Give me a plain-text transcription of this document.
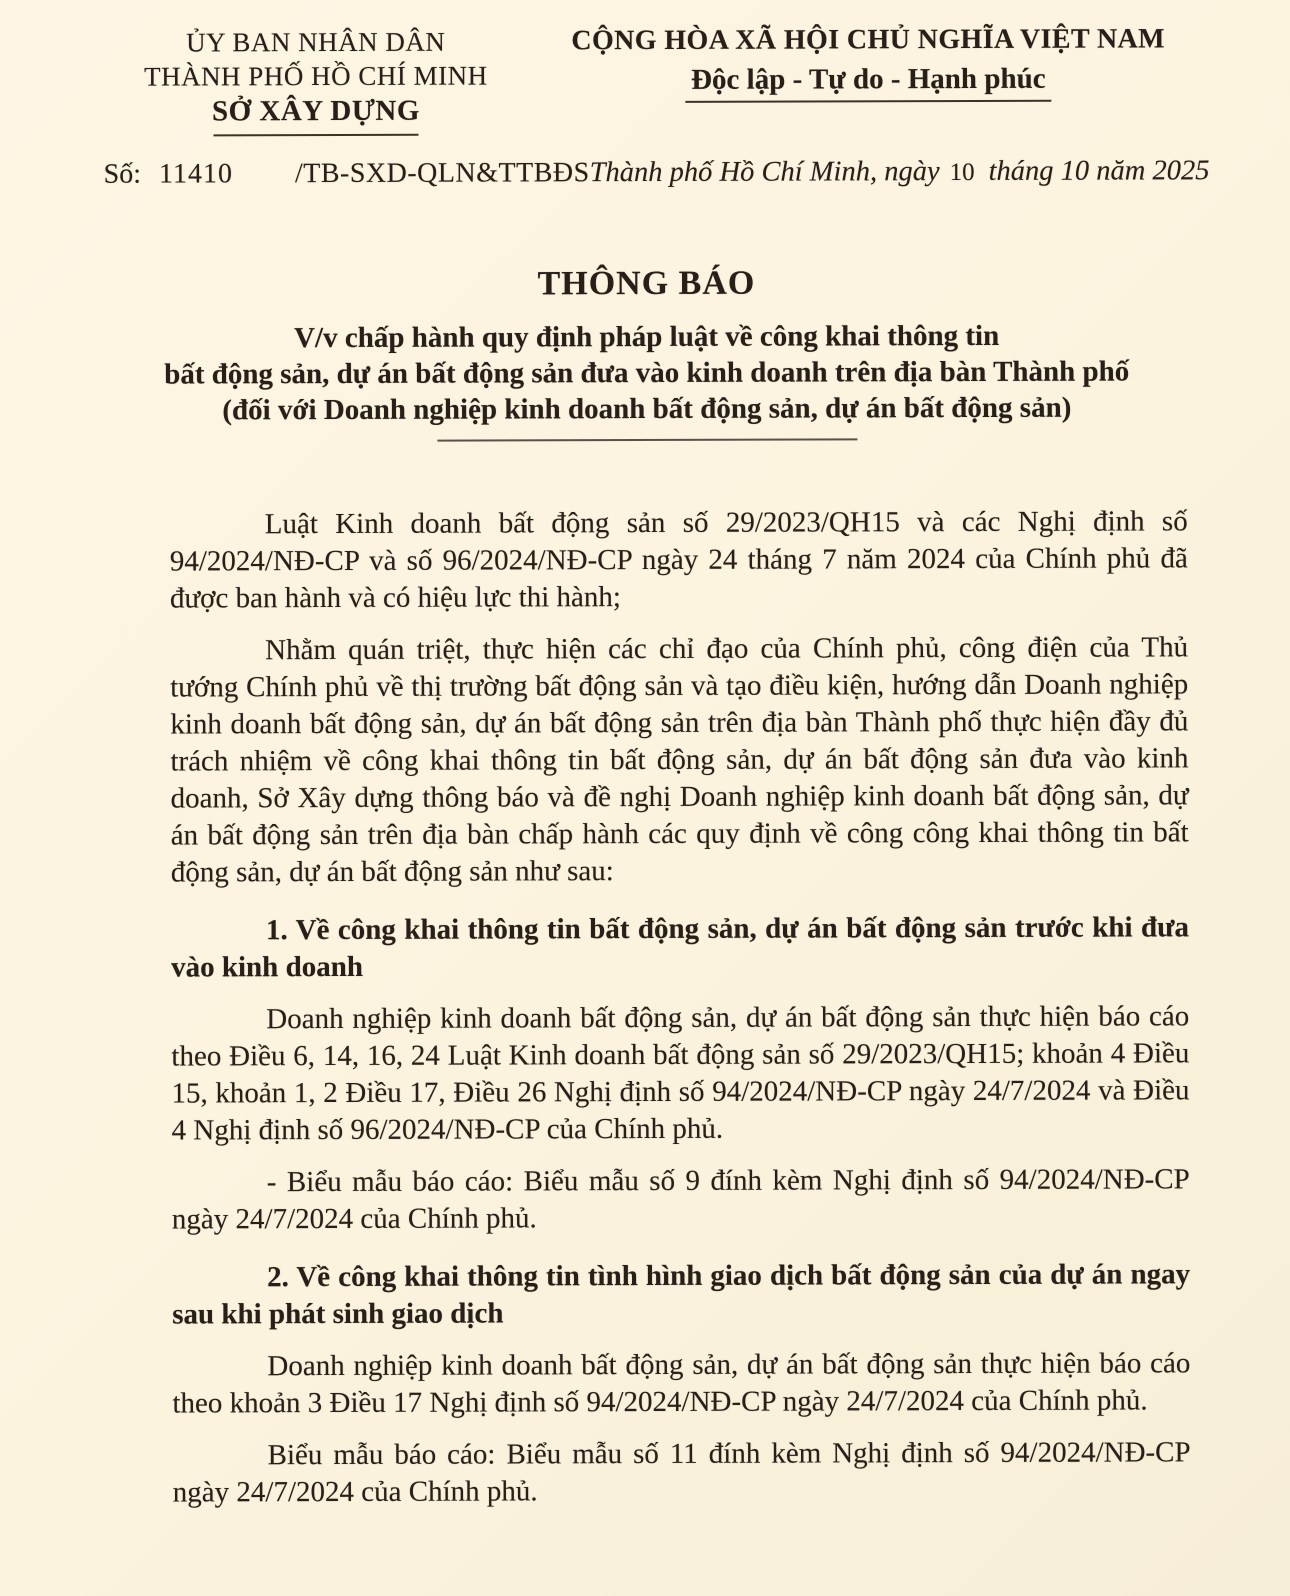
ỦY BAN NHÂN DÂN
THÀNH PHỐ HỒ CHÍ MINH
SỞ XÂY DỰNG
CỘNG HÒA XÃ HỘI CHỦ NGHĨA VIỆT NAM
Độc lập - Tự do - Hạnh phúc
Số: 11410 /TB-SXD-QLN&TTBĐS Thành phố Hồ Chí Minh, ngày 10 tháng 10 năm 2025
THÔNG BÁO
V/v chấp hành quy định pháp luật về công khai thông tin
bất động sản, dự án bất động sản đưa vào kinh doanh trên địa bàn Thành phố
(đối với Doanh nghiệp kinh doanh bất động sản, dự án bất động sản)

Luật Kinh doanh bất động sản số 29/2023/QH15 và các Nghị định số 94/2024/NĐ-CP và số 96/2024/NĐ-CP ngày 24 tháng 7 năm 2024 của Chính phủ đã được ban hành và có hiệu lực thi hành;

Nhằm quán triệt, thực hiện các chỉ đạo của Chính phủ, công điện của Thủ tướng Chính phủ về thị trường bất động sản và tạo điều kiện, hướng dẫn Doanh nghiệp kinh doanh bất động sản, dự án bất động sản trên địa bàn Thành phố thực hiện đầy đủ trách nhiệm về công khai thông tin bất động sản, dự án bất động sản đưa vào kinh doanh, Sở Xây dựng thông báo và đề nghị Doanh nghiệp kinh doanh bất động sản, dự án bất động sản trên địa bàn chấp hành các quy định về công công khai thông tin bất động sản, dự án bất động sản như sau:

1. Về công khai thông tin bất động sản, dự án bất động sản trước khi đưa vào kinh doanh

Doanh nghiệp kinh doanh bất động sản, dự án bất động sản thực hiện báo cáo theo Điều 6, 14, 16, 24 Luật Kinh doanh bất động sản số 29/2023/QH15; khoản 4 Điều 15, khoản 1, 2 Điều 17, Điều 26 Nghị định số 94/2024/NĐ-CP ngày 24/7/2024 và Điều 4 Nghị định số 96/2024/NĐ-CP của Chính phủ.

- Biểu mẫu báo cáo: Biểu mẫu số 9 đính kèm Nghị định số 94/2024/NĐ-CP ngày 24/7/2024 của Chính phủ.

2. Về công khai thông tin tình hình giao dịch bất động sản của dự án ngay sau khi phát sinh giao dịch

Doanh nghiệp kinh doanh bất động sản, dự án bất động sản thực hiện báo cáo theo khoản 3 Điều 17 Nghị định số 94/2024/NĐ-CP ngày 24/7/2024 của Chính phủ.

Biểu mẫu báo cáo: Biểu mẫu số 11 đính kèm Nghị định số 94/2024/NĐ-CP ngày 24/7/2024 của Chính phủ.
